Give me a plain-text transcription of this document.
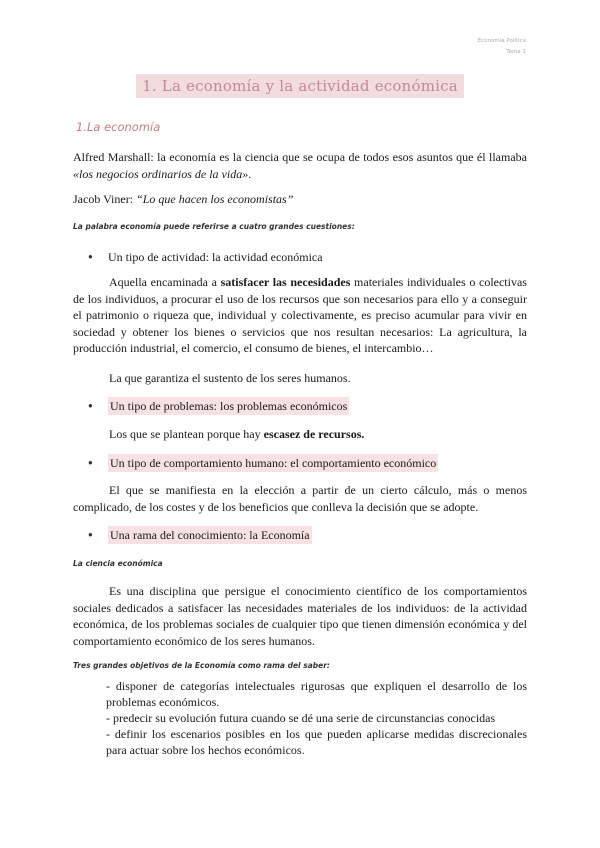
Economía Política
Tema 1
1. La economía y la actividad económica
1.La economía
Alfred Marshall: la economía es la ciencia que se ocupa de todos esos asuntos que él llamaba «los negocios ordinarios de la vida».
Jacob Viner: “Lo que hacen los economistas”
La palabra economía puede referirse a cuatro grandes cuestiones:
●	Un tipo de actividad: la actividad económica
Aquella encaminada a satisfacer las necesidades materiales individuales o colectivas de los individuos, a procurar el uso de los recursos que son necesarios para ello y a conseguir el patrimonio o riqueza que, individual y colectivamente, es preciso acumular para vivir en sociedad y obtener los bienes o servicios que nos resultan necesarios: La agricultura, la producción industrial, el comercio, el consumo de bienes, el intercambio…
La que garantiza el sustento de los seres humanos.
●	Un tipo de problemas: los problemas económicos
Los que se plantean porque hay escasez de recursos.
●	Un tipo de comportamiento humano: el comportamiento económico
El que se manifiesta en la elección a partir de un cierto cálculo, más o menos complicado, de los costes y de los beneficios que conlleva la decisión que se adopte.
●	Una rama del conocimiento: la Economía
La ciencia económica
Es una disciplina que persigue el conocimiento científico de los comportamientos sociales dedicados a satisfacer las necesidades materiales de los individuos: de la actividad económica, de los problemas sociales de cualquier tipo que tienen dimensión económica y del comportamiento económico de los seres humanos.
Tres grandes objetivos de la Economía como rama del saber:
- disponer de categorías intelectuales rigurosas que expliquen el desarrollo de los problemas económicos.
- predecir su evolución futura cuando se dé una serie de circunstancias conocidas
- definir los escenarios posibles en los que pueden aplicarse medidas discrecionales para actuar sobre los hechos económicos.
